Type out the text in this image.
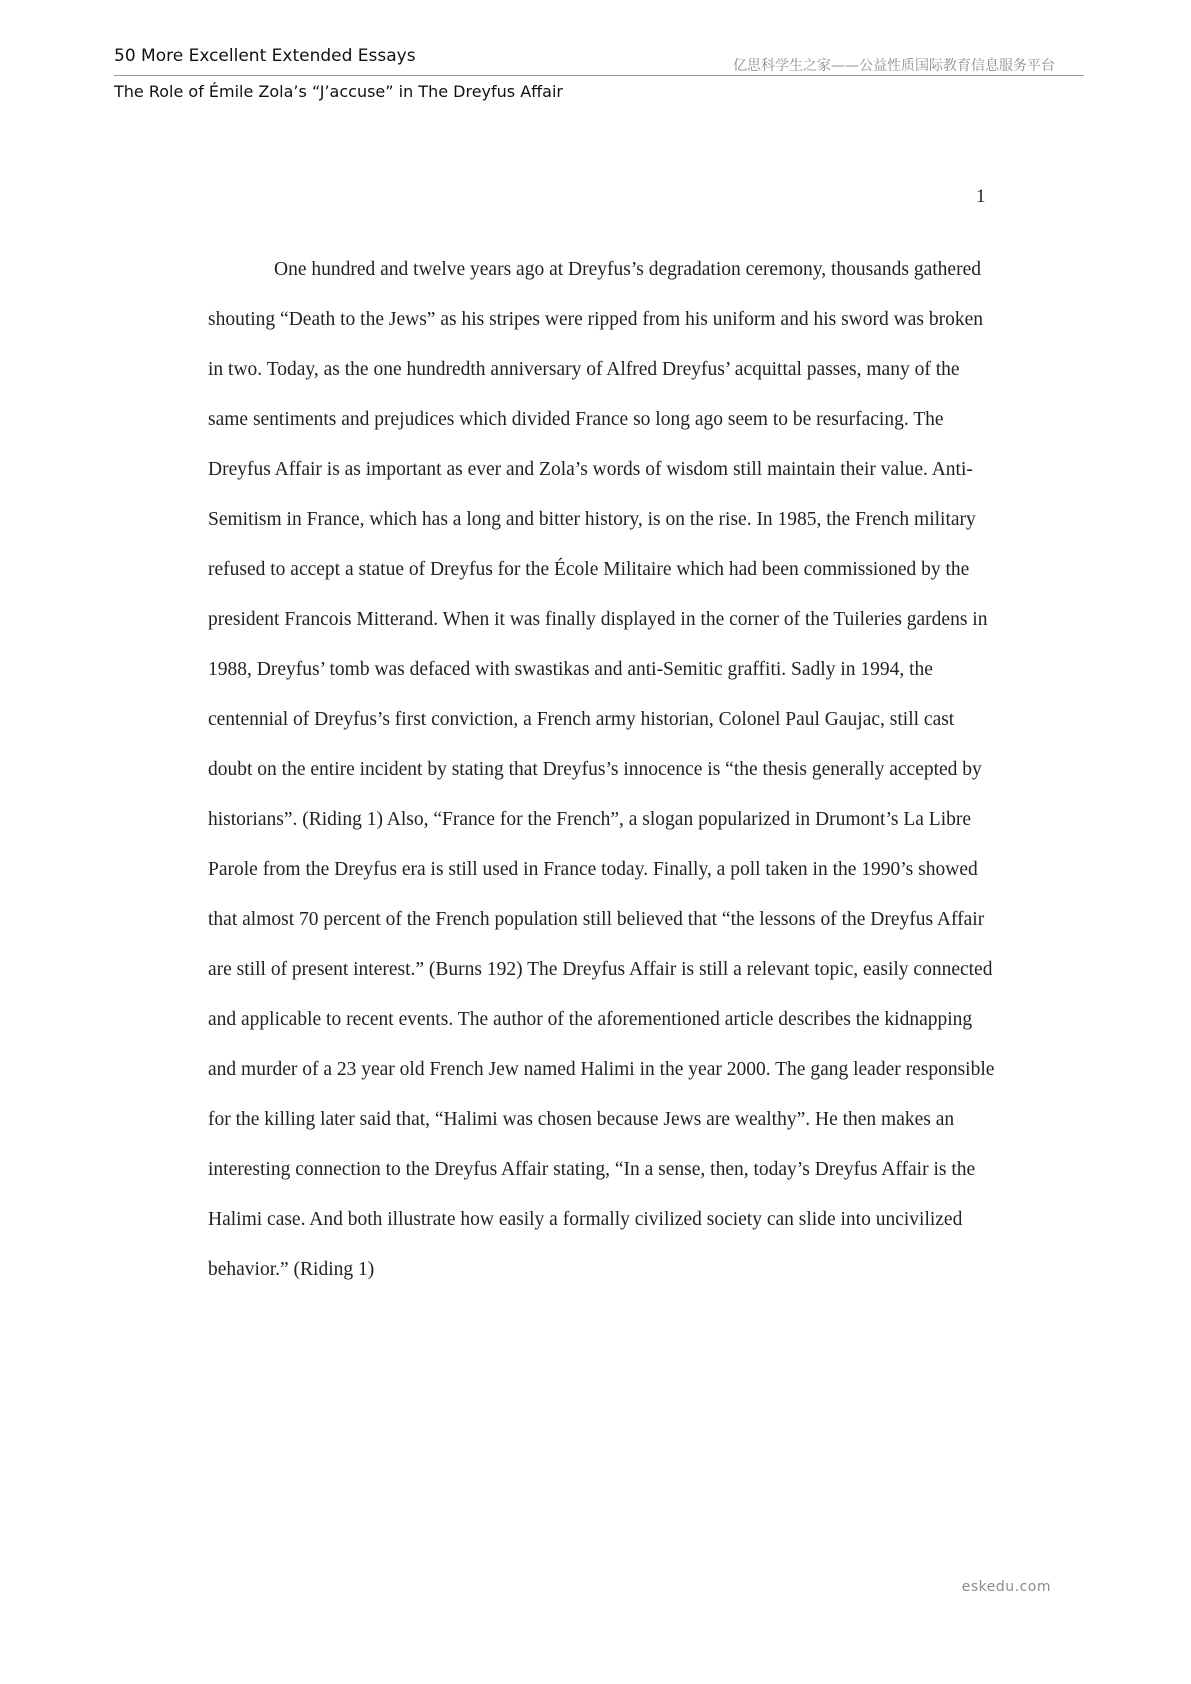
50 More Excellent Extended Essays	亿思科学生之家——公益性质国际教育信息服务平台
The Role of Émile Zola’s “J’accuse” in The Dreyfus Affair
1

One hundred and twelve years ago at Dreyfus’s degradation ceremony, thousands gathered shouting “Death to the Jews” as his stripes were ripped from his uniform and his sword was broken in two. Today, as the one hundredth anniversary of Alfred Dreyfus’ acquittal passes, many of the same sentiments and prejudices which divided France so long ago seem to be resurfacing. The Dreyfus Affair is as important as ever and Zola’s words of wisdom still maintain their value. Anti-Semitism in France, which has a long and bitter history, is on the rise. In 1985, the French military refused to accept a statue of Dreyfus for the École Militaire which had been commissioned by the president Francois Mitterand. When it was finally displayed in the corner of the Tuileries gardens in 1988, Dreyfus’ tomb was defaced with swastikas and anti-Semitic graffiti. Sadly in 1994, the centennial of Dreyfus’s first conviction, a French army historian, Colonel Paul Gaujac, still cast doubt on the entire incident by stating that Dreyfus’s innocence is “the thesis generally accepted by historians”. (Riding 1) Also, “France for the French”, a slogan popularized in Drumont’s La Libre Parole from the Dreyfus era is still used in France today. Finally, a poll taken in the 1990’s showed that almost 70 percent of the French population still believed that “the lessons of the Dreyfus Affair are still of present interest.” (Burns 192) The Dreyfus Affair is still a relevant topic, easily connected and applicable to recent events. The author of the aforementioned article describes the kidnapping and murder of a 23 year old French Jew named Halimi in the year 2000. The gang leader responsible for the killing later said that, “Halimi was chosen because Jews are wealthy”. He then makes an interesting connection to the Dreyfus Affair stating, “In a sense, then, today’s Dreyfus Affair is the Halimi case. And both illustrate how easily a formally civilized society can slide into uncivilized behavior.” (Riding 1)

eskedu.com
